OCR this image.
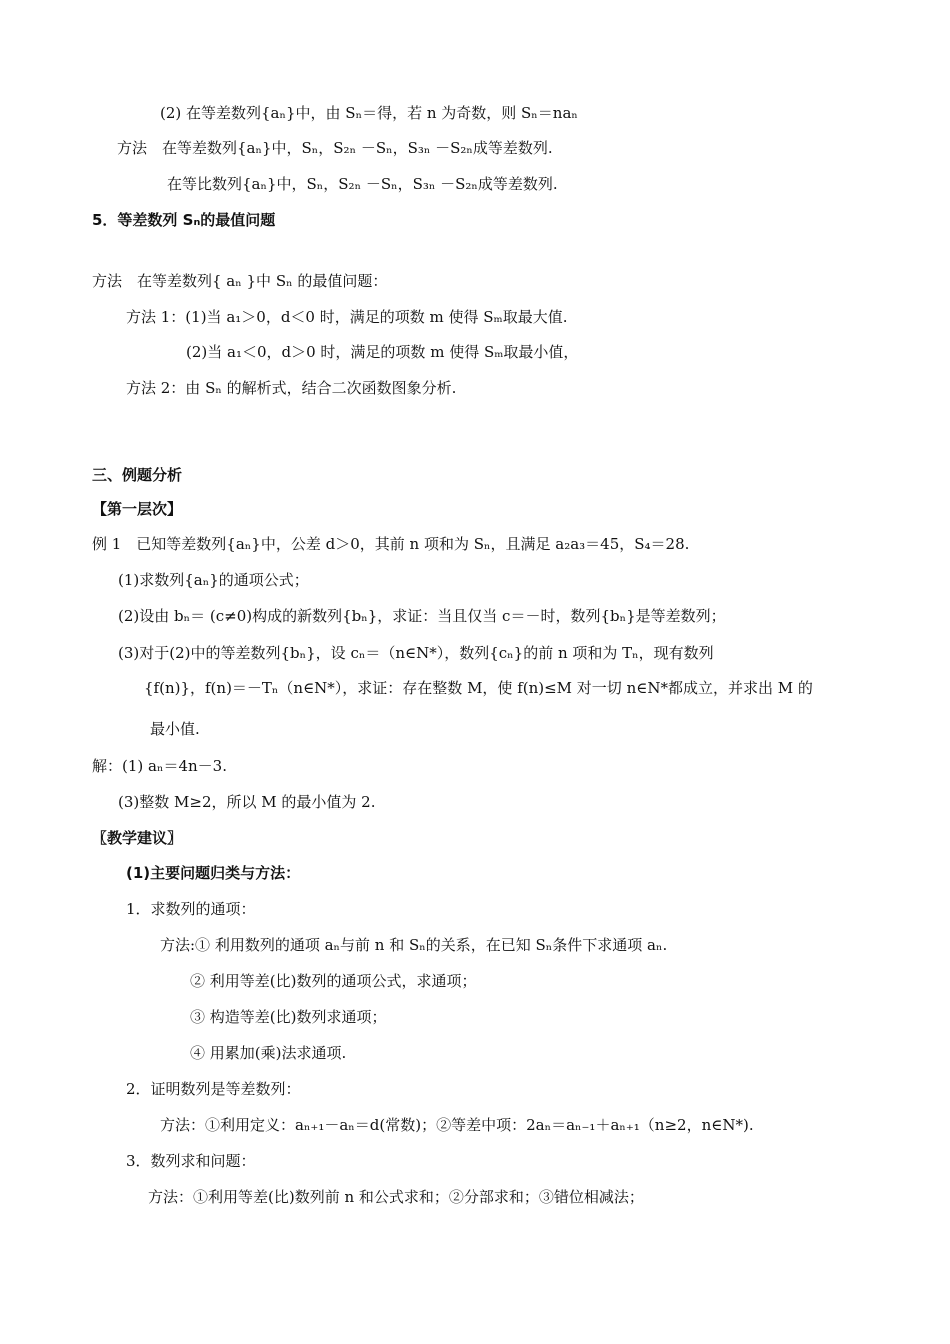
(2) 在等差数列{aₙ}中，由 Sₙ＝得，若 n 为奇数，则 Sₙ＝naₙ
方法　在等差数列{aₙ}中，Sₙ，S₂ₙ －Sₙ，S₃ₙ －S₂ₙ成等差数列.
在等比数列{aₙ}中，Sₙ，S₂ₙ －Sₙ，S₃ₙ －S₂ₙ成等差数列.
5．等差数列 Sₙ的最值问题
方法　在等差数列{ aₙ }中 Sₙ 的最值问题：
方法 1：(1)当 a₁＞0，d＜0 时，满足的项数 m 使得 Sₘ取最大值.
(2)当 a₁＜0，d＞0 时，满足的项数 m 使得 Sₘ取最小值，
方法 2：由 Sₙ 的解析式，结合二次函数图象分析.
三、例题分析
【第一层次】
例 1　已知等差数列{aₙ}中，公差 d＞0，其前 n 项和为 Sₙ，且满足 a₂a₃＝45，S₄＝28.
(1)求数列{aₙ}的通项公式；
(2)设由 bₙ＝ (c≠0)构成的新数列{bₙ}，求证：当且仅当 c＝－时，数列{bₙ}是等差数列；
(3)对于(2)中的等差数列{bₙ}，设 cₙ＝（n∈N*），数列{cₙ}的前 n 项和为 Tₙ，现有数列
{f(n)}，f(n)＝－Tₙ（n∈N*），求证：存在整数 M，使 f(n)≤M 对一切 n∈N*都成立，并求出 M 的
最小值.
解：(1) aₙ＝4n－3.
(3)整数 M≥2，所以 M 的最小值为 2.
〖教学建议〗
(1)主要问题归类与方法：
1．求数列的通项：
方法:① 利用数列的通项 aₙ与前 n 和 Sₙ的关系，在已知 Sₙ条件下求通项 aₙ.
② 利用等差(比)数列的通项公式，求通项；
③ 构造等差(比)数列求通项；
④ 用累加(乘)法求通项.
2．证明数列是等差数列：
方法：①利用定义：aₙ₊₁－aₙ＝d(常数)；②等差中项：2aₙ＝aₙ₋₁＋aₙ₊₁（n≥2，n∈N*).
3．数列求和问题：
方法：①利用等差(比)数列前 n 和公式求和；②分部求和；③错位相减法；
